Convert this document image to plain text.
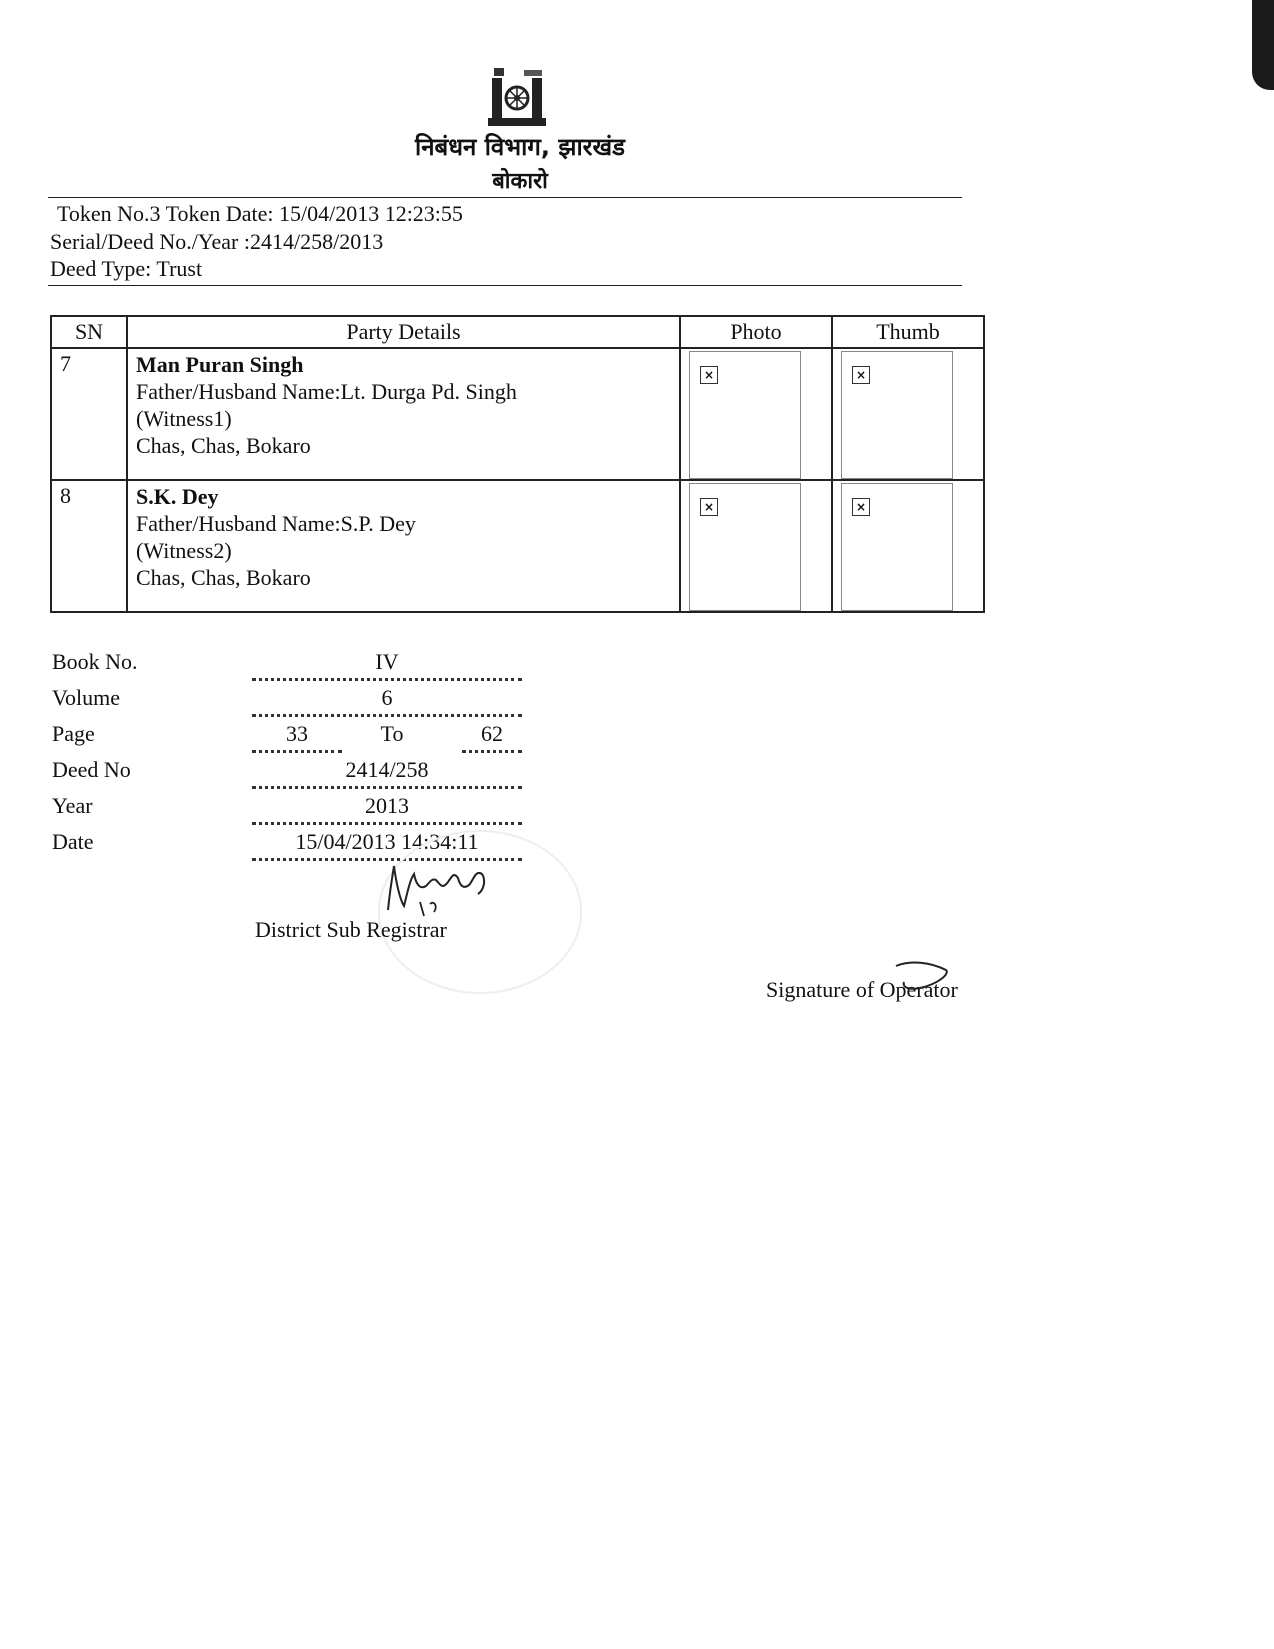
निबंधन विभाग, झारखंड
बोकारो
Token No.3 Token Date: 15/04/2013 12:23:55
Serial/Deed No./Year :2414/258/2013
Deed Type: Trust
SN	Party Details	Photo	Thumb
7	Man Puran Singh
Father/Husband Name:Lt. Durga Pd. Singh
(Witness1)
Chas, Chas, Bokaro	×	×

8	S.K. Dey
Father/Husband Name:S.P. Dey
(Witness2)
Chas, Chas, Bokaro	×	×
Book No.	IV
Volume	6
Page	33	To	62
Deed No	2414/258
Year	2013
Date	15/04/2013 14:34:11
District Sub Registrar
Signature of Operator
